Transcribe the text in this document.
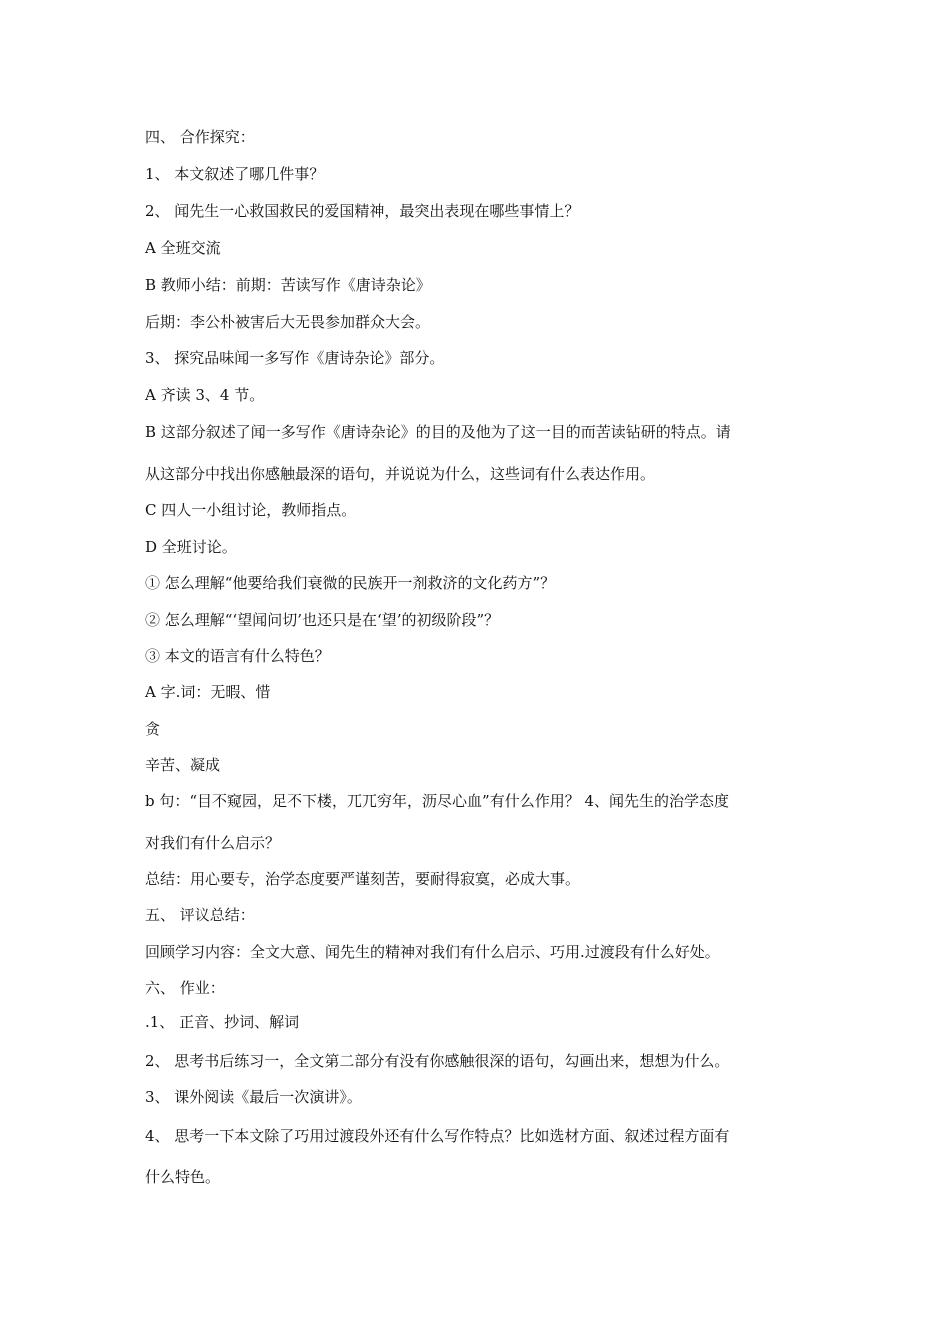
四、 合作探究：
1、 本文叙述了哪几件事？
2、 闻先生一心救国救民的爱国精神，最突出表现在哪些事情上？
A 全班交流
B 教师小结：前期：苦读写作《唐诗杂论》
后期：李公朴被害后大无畏参加群众大会。
3、 探究品味闻一多写作《唐诗杂论》部分。
A 齐读 3、4 节。
B 这部分叙述了闻一多写作《唐诗杂论》的目的及他为了这一目的而苦读钻研的特点。请
从这部分中找出你感触最深的语句，并说说为什么，这些词有什么表达作用。
C 四人一小组讨论，教师指点。
D 全班讨论。
① 怎么理解“他要给我们衰微的民族开一剂救济的文化药方”？
② 怎么理解“‘望闻问切’也还只是在‘望’的初级阶段”？
③ 本文的语言有什么特色？
A 字.词：无暇、惜
贪
辛苦、凝成
b 句：“目不窥园，足不下楼，兀兀穷年，沥尽心血”有什么作用？ 4、闻先生的治学态度
对我们有什么启示？
总结：用心要专，治学态度要严谨刻苦，要耐得寂寞，必成大事。
五、 评议总结：
回顾学习内容：全文大意、闻先生的精神对我们有什么启示、巧用.过渡段有什么好处。
六、 作业：
.1、 正音、抄词、解词
2、 思考书后练习一，全文第二部分有没有你感触很深的语句，勾画出来，想想为什么。
3、 课外阅读《最后一次演讲》。
4、 思考一下本文除了巧用过渡段外还有什么写作特点？比如选材方面、叙述过程方面有
什么特色。
